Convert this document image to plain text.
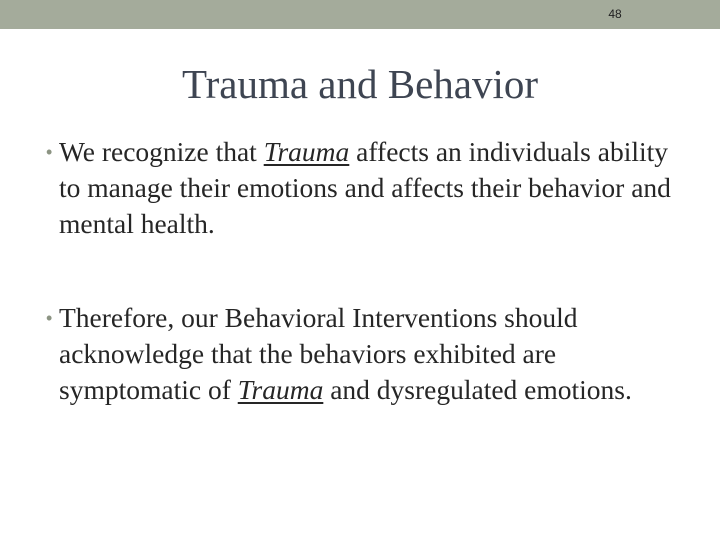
48
Trauma and Behavior
• We recognize that Trauma affects an individuals ability to manage their emotions and affects their behavior and mental health.
• Therefore, our Behavioral Interventions should acknowledge that the behaviors exhibited are symptomatic of Trauma and dysregulated emotions.
